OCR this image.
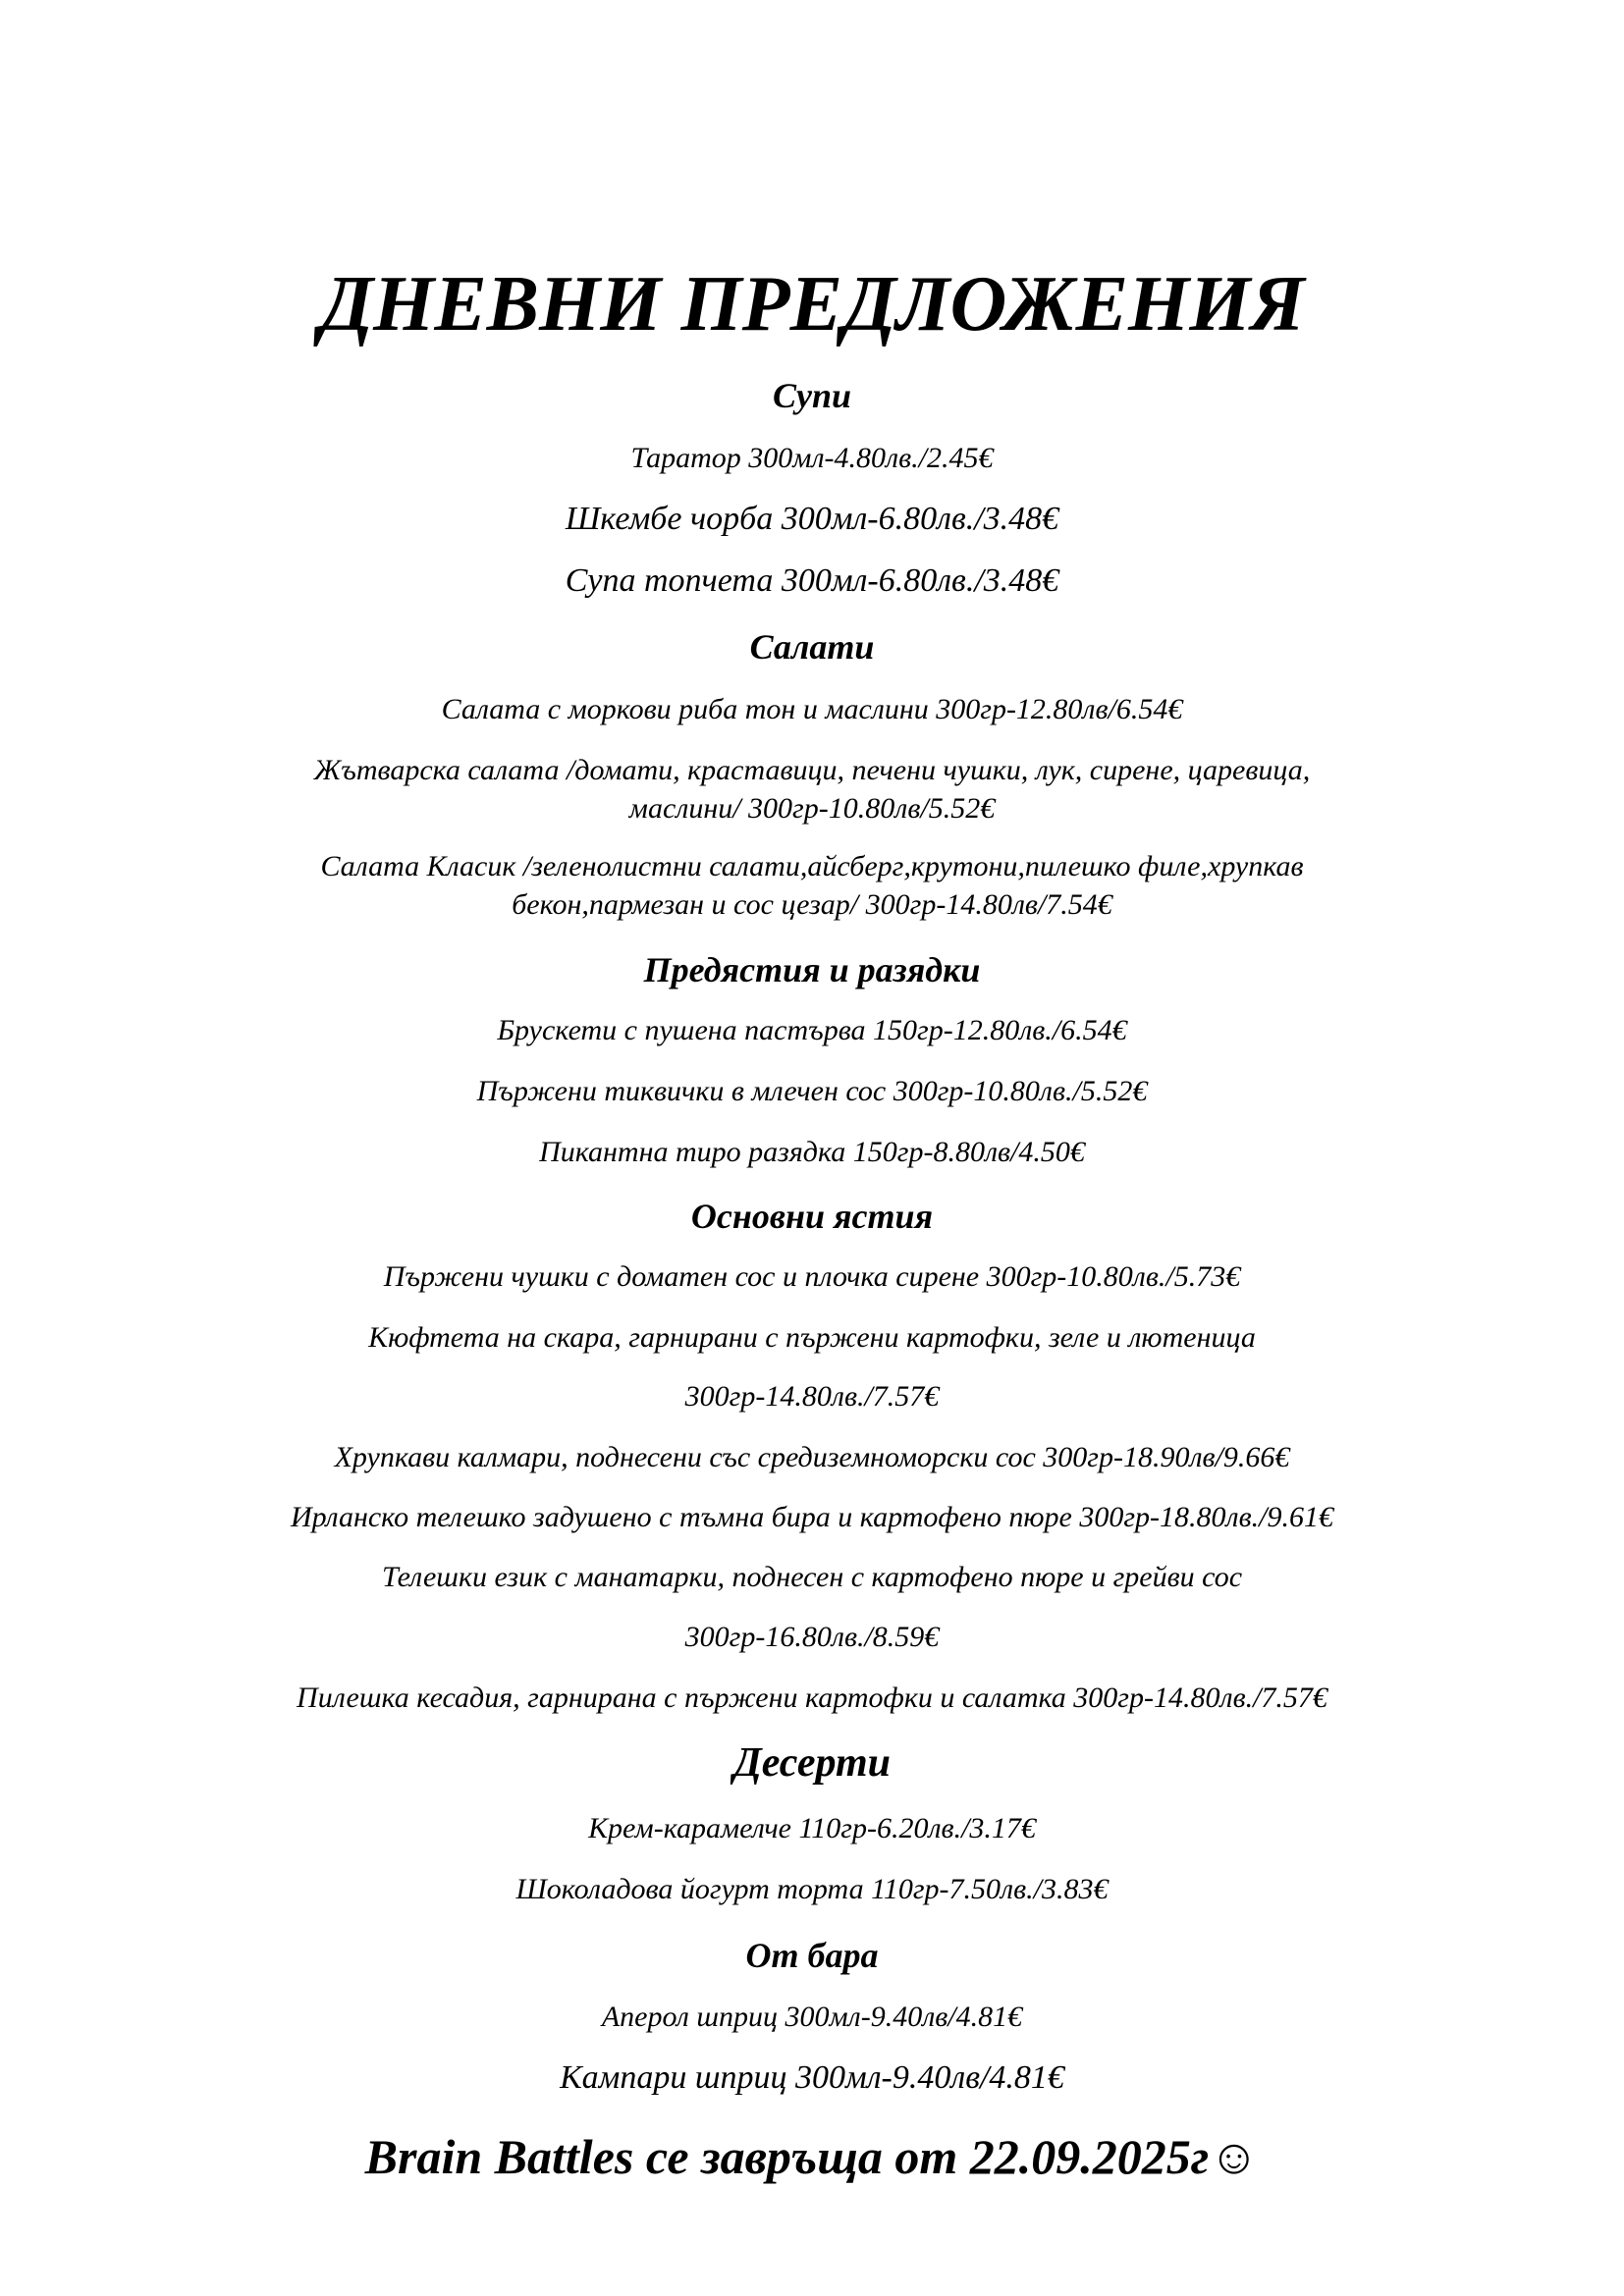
ДНЕВНИ ПРЕДЛОЖЕНИЯ
Супи
Таратор 300мл-4.80лв./2.45€
Шкембе чорба 300мл-6.80лв./3.48€
Супа топчета 300мл-6.80лв./3.48€
Салати
Салата с моркови риба тон и маслини 300гр-12.80лв/6.54€
Жътварска салата /домати, краставици, печени чушки, лук, сирене, царевица,
маслини/ 300гр-10.80лв/5.52€
Салата Класик /зеленолистни салати,айсберг,крутони,пилешко филе,хрупкав
бекон,пармезан и сос цезар/ 300гр-14.80лв/7.54€
Предястия и разядки
Брускети с пушена пастърва 150гр-12.80лв./6.54€
Пържени тиквички в млечен сос 300гр-10.80лв./5.52€
Пикантна тиро разядка 150гр-8.80лв/4.50€
Основни ястия
Пържени чушки с доматен сос и плочка сирене 300гр-10.80лв./5.73€
Кюфтета на скара, гарнирани с пържени картофки, зеле и лютеница
300гр-14.80лв./7.57€
Хрупкави калмари, поднесени със средиземноморски сос 300гр-18.90лв/9.66€
Ирланско телешко задушено с тъмна бира и картофено пюре 300гр-18.80лв./9.61€
Телешки език с манатарки, поднесен с картофено пюре и грейви сос
300гр-16.80лв./8.59€
Пилешка кесадия, гарнирана с пържени картофки и салатка 300гр-14.80лв./7.57€
Десерти
Крем-карамелче 110гр-6.20лв./3.17€
Шоколадова йогурт торта 110гр-7.50лв./3.83€
От бара
Аперол шприц 300мл-9.40лв/4.81€
Кампари шприц 300мл-9.40лв/4.81€
Brain Battles се завръща от 22.09.2025г☺
